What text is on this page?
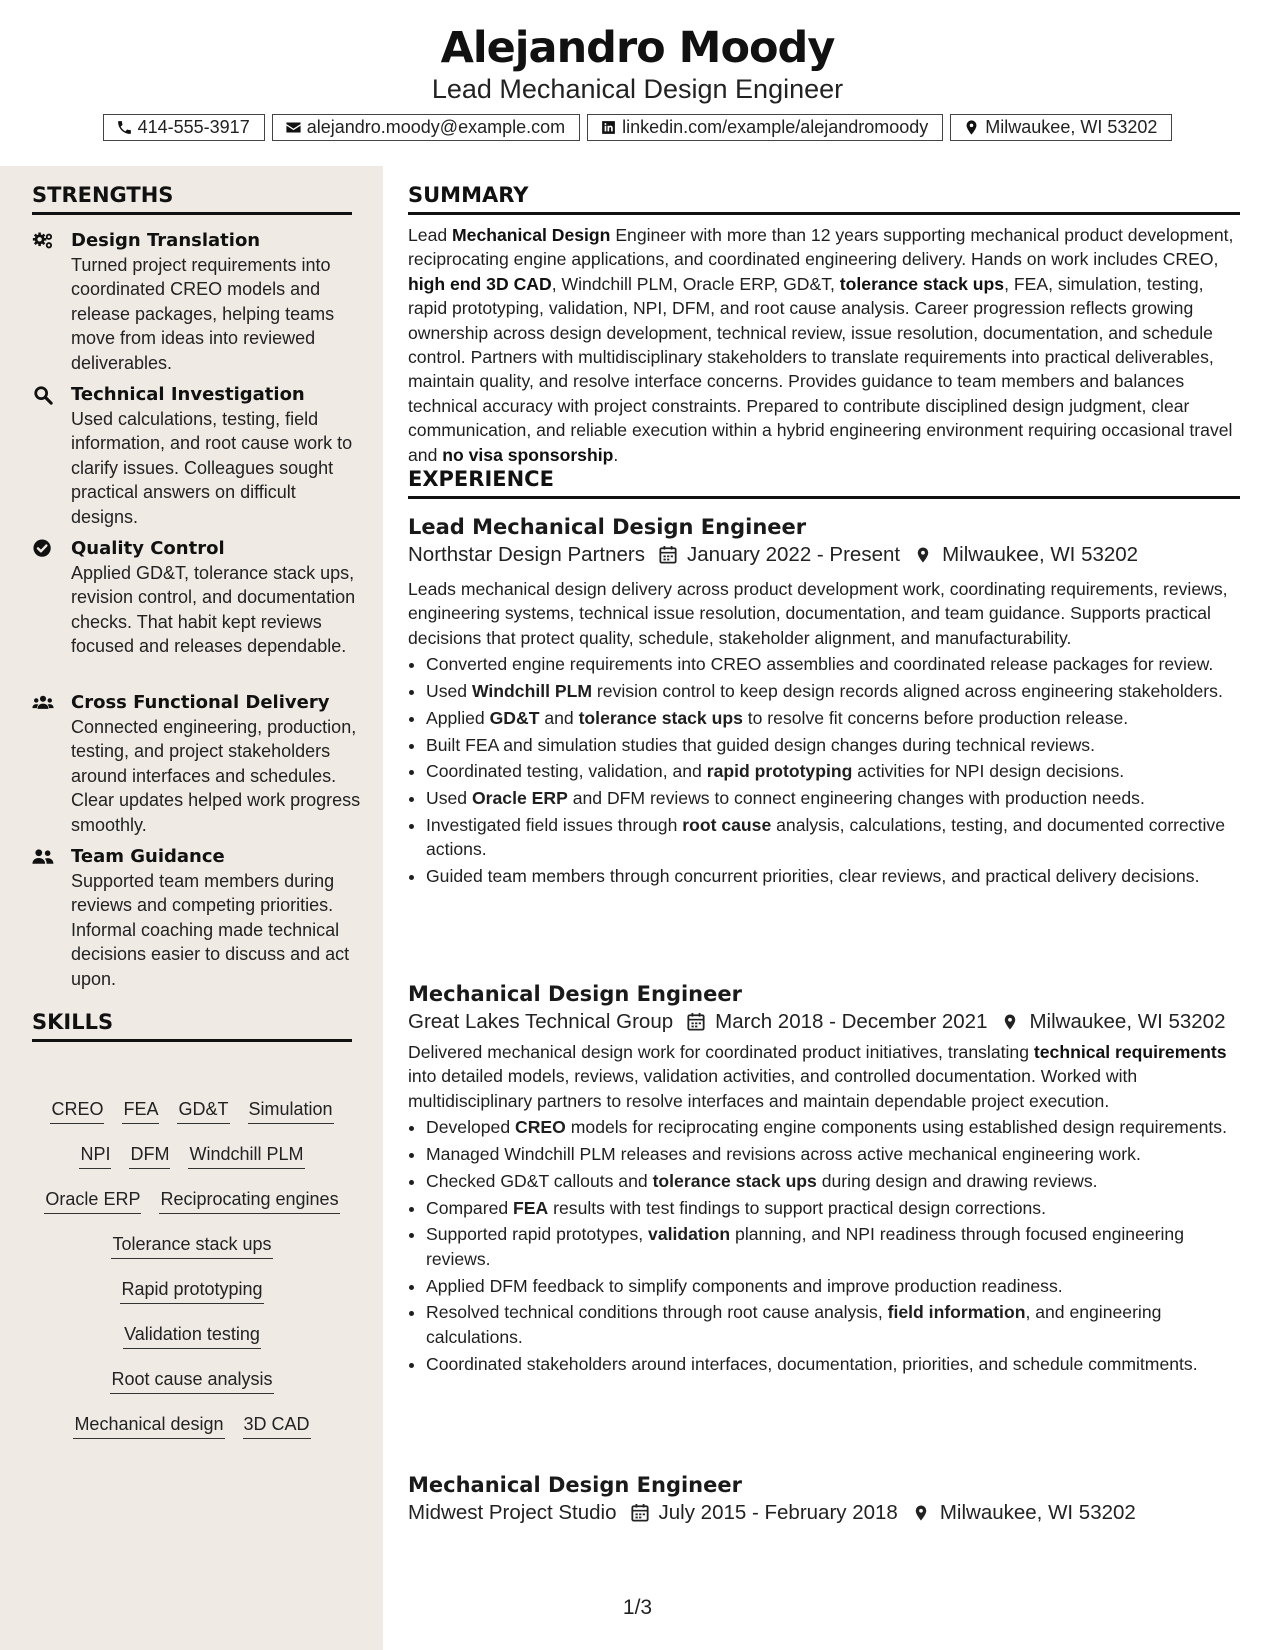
Alejandro Moody
Lead Mechanical Design Engineer
414-555-3917	alejandro.moody@example.com	linkedin.com/example/alejandromoody	Milwaukee, WI 53202
STRENGTHS
Design Translation
Turned project requirements into coordinated CREO models and release packages, helping teams move from ideas into reviewed deliverables.
Technical Investigation
Used calculations, testing, field information, and root cause work to clarify issues. Colleagues sought practical answers on difficult designs.
Quality Control
Applied GD&T, tolerance stack ups, revision control, and documentation checks. That habit kept reviews focused and releases dependable.
Cross Functional Delivery
Connected engineering, production, testing, and project stakeholders around interfaces and schedules. Clear updates helped work progress smoothly.
Team Guidance
Supported team members during reviews and competing priorities. Informal coaching made technical decisions easier to discuss and act upon.
SKILLS
CREO FEA GD&T Simulation
NPI DFM Windchill PLM
Oracle ERP Reciprocating engines
Tolerance stack ups
Rapid prototyping
Validation testing
Root cause analysis
Mechanical design 3D CAD
SUMMARY
Lead Mechanical Design Engineer with more than 12 years supporting mechanical product development, reciprocating engine applications, and coordinated engineering delivery. Hands on work includes CREO, high end 3D CAD, Windchill PLM, Oracle ERP, GD&T, tolerance stack ups, FEA, simulation, testing, rapid prototyping, validation, NPI, DFM, and root cause analysis. Career progression reflects growing ownership across design development, technical review, issue resolution, documentation, and schedule control. Partners with multidisciplinary stakeholders to translate requirements into practical deliverables, maintain quality, and resolve interface concerns. Provides guidance to team members and balances technical accuracy with project constraints. Prepared to contribute disciplined design judgment, clear communication, and reliable execution within a hybrid engineering environment requiring occasional travel and no visa sponsorship.
EXPERIENCE
Lead Mechanical Design Engineer
Northstar Design Partners January 2022 - Present Milwaukee, WI 53202
Leads mechanical design delivery across product development work, coordinating requirements, reviews, engineering systems, technical issue resolution, documentation, and team guidance. Supports practical decisions that protect quality, schedule, stakeholder alignment, and manufacturability.
• Converted engine requirements into CREO assemblies and coordinated release packages for review.
• Used Windchill PLM revision control to keep design records aligned across engineering stakeholders.
• Applied GD&T and tolerance stack ups to resolve fit concerns before production release.
• Built FEA and simulation studies that guided design changes during technical reviews.
• Coordinated testing, validation, and rapid prototyping activities for NPI design decisions.
• Used Oracle ERP and DFM reviews to connect engineering changes with production needs.
• Investigated field issues through root cause analysis, calculations, testing, and documented corrective actions.
• Guided team members through concurrent priorities, clear reviews, and practical delivery decisions.
Mechanical Design Engineer
Great Lakes Technical Group March 2018 - December 2021 Milwaukee, WI 53202
Delivered mechanical design work for coordinated product initiatives, translating technical requirements into detailed models, reviews, validation activities, and controlled documentation. Worked with multidisciplinary partners to resolve interfaces and maintain dependable project execution.
• Developed CREO models for reciprocating engine components using established design requirements.
• Managed Windchill PLM releases and revisions across active mechanical engineering work.
• Checked GD&T callouts and tolerance stack ups during design and drawing reviews.
• Compared FEA results with test findings to support practical design corrections.
• Supported rapid prototypes, validation planning, and NPI readiness through focused engineering reviews.
• Applied DFM feedback to simplify components and improve production readiness.
• Resolved technical conditions through root cause analysis, field information, and engineering calculations.
• Coordinated stakeholders around interfaces, documentation, priorities, and schedule commitments.
Mechanical Design Engineer
Midwest Project Studio July 2015 - February 2018 Milwaukee, WI 53202
1/3
